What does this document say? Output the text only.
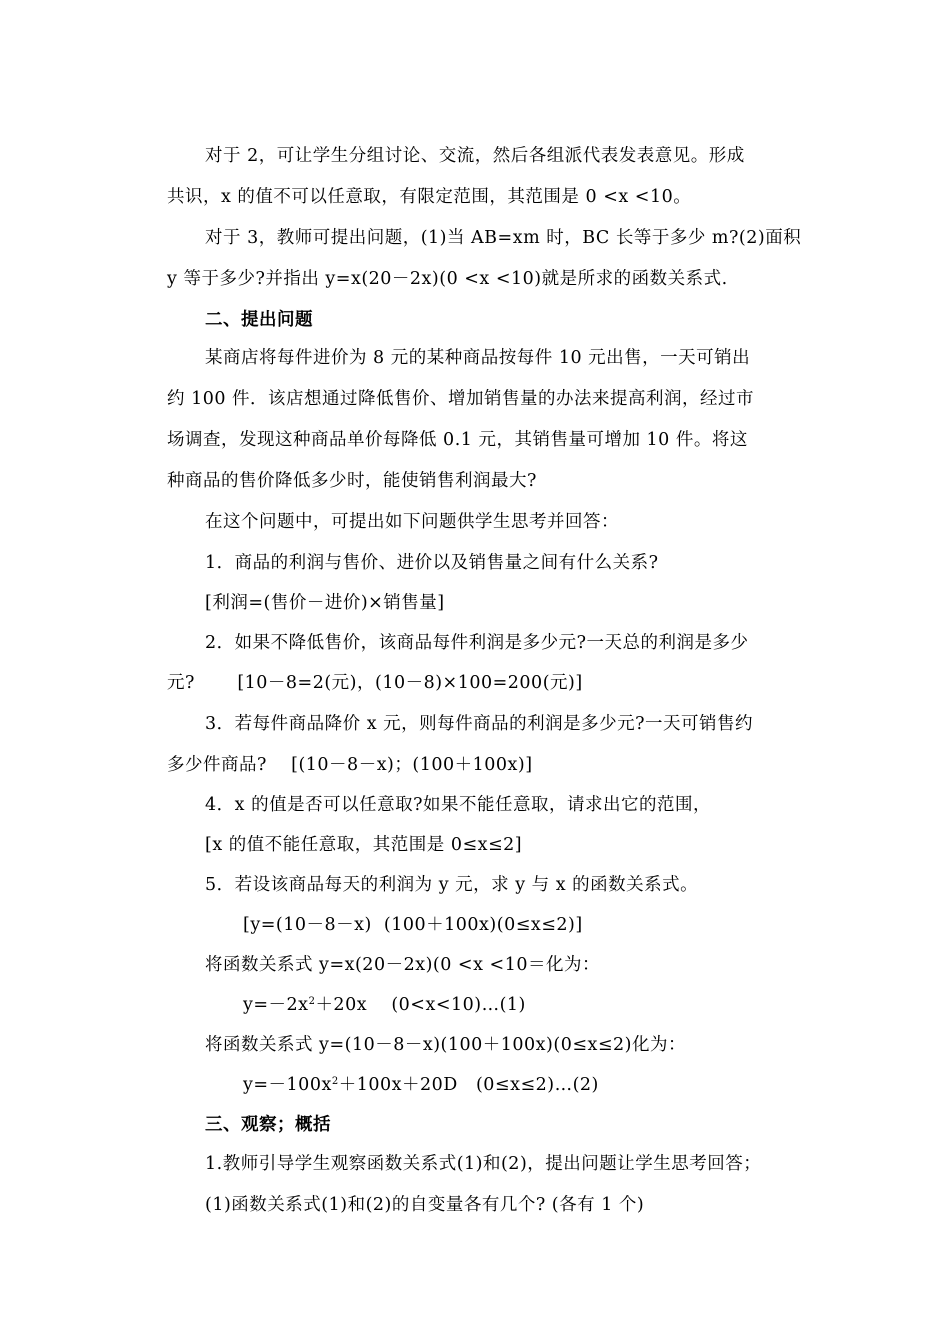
对于 2，可让学生分组讨论、交流，然后各组派代表发表意见。形成
共识，x 的值不可以任意取，有限定范围，其范围是 0 <x <10。
对于 3，教师可提出问题，(1)当 AB=xm 时，BC 长等于多少 m?(2)面积
y 等于多少?并指出 y=x(20－2x)(0 <x <10)就是所求的函数关系式.
二、提出问题
某商店将每件进价为 8 元的某种商品按每件 10 元出售，一天可销出
约 100 件．该店想通过降低售价、增加销售量的办法来提高利润，经过市
场调查，发现这种商品单价每降低 0.1 元，其销售量可增加 10 件。将这
种商品的售价降低多少时，能使销售利润最大?
在这个问题中，可提出如下问题供学生思考并回答：
1．商品的利润与售价、进价以及销售量之间有什么关系?
[利润=(售价－进价)×销售量]
2．如果不降低售价，该商品每件利润是多少元?一天总的利润是多少
元?       [10－8=2(元)，(10－8)×100=200(元)]
3．若每件商品降价 x 元，则每件商品的利润是多少元?一天可销售约
多少件商品?    [(10－8－x)；(100＋100x)]
4．x 的值是否可以任意取?如果不能任意取，请求出它的范围，
[x 的值不能任意取，其范围是 0≤x≤2]
5．若设该商品每天的利润为 y 元，求 y 与 x 的函数关系式。
[y=(10－8－x)  (100＋100x)(0≤x≤2)]
将函数关系式 y=x(20－2x)(0 <x <10＝化为：
$y=-2x^2+20x$    (0<x<10)…(1)
将函数关系式 y=(10－8－x)(100＋100x)(0≤x≤2)化为：
$y=-100x^2+100x+20D$   (0≤x≤2)…(2)
三、观察；概括
1.教师引导学生观察函数关系式(1)和(2)，提出问题让学生思考回答；
(1)函数关系式(1)和(2)的自变量各有几个? (各有 1 个)
